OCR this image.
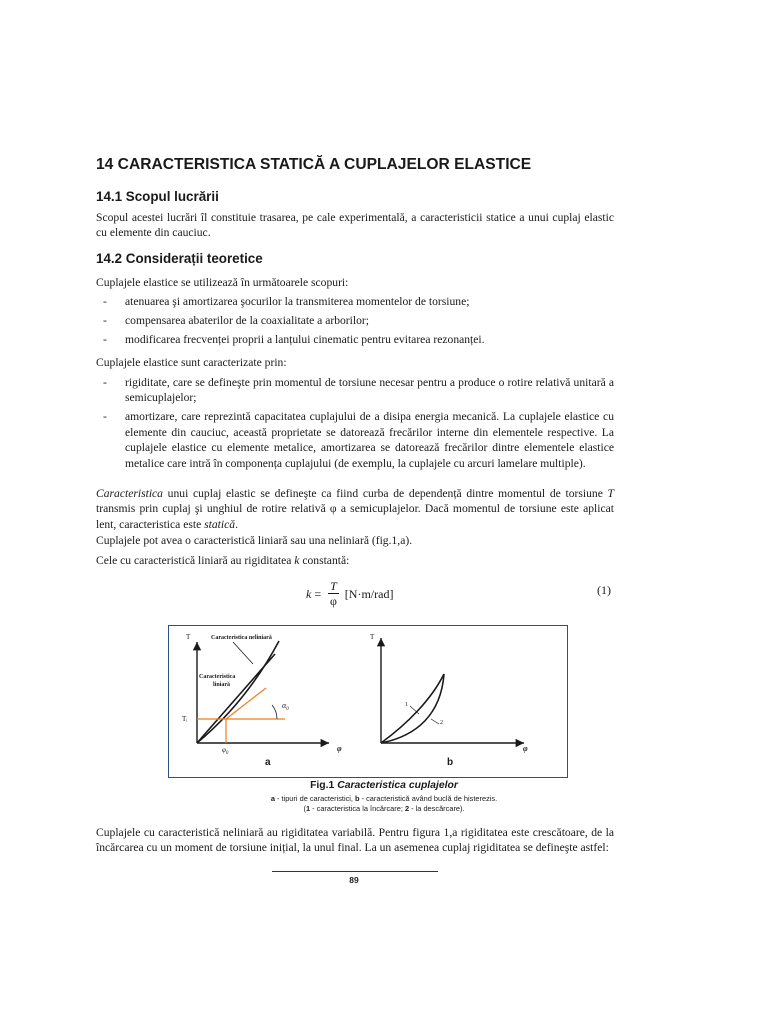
14 CARACTERISTICA STATICĂ A CUPLAJELOR ELASTICE
14.1 Scopul lucrării

Scopul acestei lucrări îl constituie trasarea, pe cale experimentală, a caracteristicii statice a unui cuplaj elastic cu elemente din cauciuc.

14.2 Considerații teoretice

Cuplajele elastice se utilizează în următoarele scopuri:

- atenuarea şi amortizarea şocurilor la transmiterea momentelor de torsiune;
- compensarea abaterilor de la coaxialitate a arborilor;
- modificarea frecvenței proprii a lanțului cinematic pentru evitarea rezonanței.

Cuplajele elastice sunt caracterizate prin:

- rigiditate, care se defineşte prin momentul de torsiune necesar pentru a produce o rotire relativă unitară a semicuplajelor;
- amortizare, care reprezintă capacitatea cuplajului de a disipa energia mecanică. La cuplajele elastice cu elemente din cauciuc, această proprietate se datorează frecărilor interne din elementele respective. La cuplajele elastice cu elemente metalice, amortizarea se datorează frecărilor dintre elementele elastice metalice care intră în componența cuplajului (de exemplu, la cuplajele cu arcuri lamelare multiple).

Caracteristica unui cuplaj elastic se defineşte ca fiind curba de dependență dintre momentul de torsiune T transmis prin cuplaj şi unghiul de rotire relativă φ a semicuplajelor. Dacă momentul de torsiune este aplicat lent, caracteristica este statică.

Cuplajele pot avea o caracteristică liniară sau una neliniară (fig.1,a).

Cele cu caracteristică liniară au rigiditatea k constantă:

$k = \frac{T}{\varphi} [N\cdot m/rad]$	(1)
T
φ
Caracteristica neliniară
Caracteristica
liniară
$\alpha_0$
Tᵢ
$\varphi_0$
a
T
φ
1
2
b
Fig.1 Caracteristica cuplajelor
a - tipuri de caracteristici, b - caracteristică având buclă de histerezis.
(1 - caracteristica la încărcare; 2 - la descărcare).

Cuplajele cu caracteristică neliniară au rigiditatea variabilă. Pentru figura 1,a rigiditatea este crescătoare, de la încărcarea cu un moment de torsiune inițial, la unul final. La un asemenea cuplaj rigiditatea se defineşte astfel:

89
